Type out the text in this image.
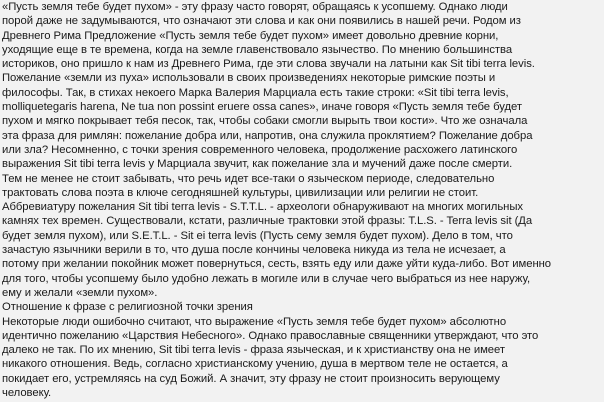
«Пусть земля тебе будет пухом» - эту фразу часто говорят, обращаясь к усопшему. Однако люди
порой даже не задумываются, что означают эти слова и как они появились в нашей речи. Родом из
Древнего Рима Предложение «Пусть земля тебе будет пухом» имеет довольно древние корни,
уходящие еще в те времена, когда на земле главенствовало язычество. По мнению большинства
историков, оно пришло к нам из Древнего Рима, где эти слова звучали на латыни как Sit tibi terra levis.
Пожелание «земли из пуха» использовали в своих произведениях некоторые римские поэты и
философы. Так, в стихах некоего Марка Валерия Марциала есть такие строки: «Sit tibi terra levis,
molliquetegaris harena, Ne tua non possint eruere ossa canes», иначе говоря «Пусть земля тебе будет
пухом и мягко покрывает тебя песок, так, чтобы собаки смогли вырыть твои кости». Что же означала
эта фраза для римлян: пожелание добра или, напротив, она служила проклятием? Пожелание добра
или зла? Несомненно, с точки зрения современного человека, продолжение расхожего латинского
выражения Sit tibi terra levis у Марциала звучит, как пожелание зла и мучений даже после смерти.
Тем не менее не стоит забывать, что речь идет все-таки о языческом периоде, следовательно
трактовать слова поэта в ключе сегодняшней культуры, цивилизации или религии не стоит.
Аббревиатуру пожелания Sit tibi terra levis - S.T.T.L. - археологи обнаруживают на многих могильных
камнях тех времен. Существовали, кстати, различные трактовки этой фразы: T.L.S. - Terra levis sit (Да
будет земля пухом), или S.E.T.L. - Sit ei terra levis (Пусть сему земля будет пухом). Дело в том, что
зачастую язычники верили в то, что душа после кончины человека никуда из тела не исчезает, а
потому при желании покойник может повернуться, сесть, взять еду или даже уйти куда-либо. Вот именно
для того, чтобы усопшему было удобно лежать в могиле или в случае чего выбраться из нее наружу,
ему и желали «земли пухом».
Отношение к фразе с религиозной точки зрения
Некоторые люди ошибочно считают, что выражение «Пусть земля тебе будет пухом» абсолютно
идентично пожеланию «Царствия Небесного». Однако православные священники утверждают, что это
далеко не так. По их мнению, Sit tibi terra levis - фраза языческая, и к христианству она не имеет
никакого отношения. Ведь, согласно христианскому учению, душа в мертвом теле не остается, а
покидает его, устремляясь на суд Божий. А значит, эту фразу не стоит произносить верующему
человеку.
